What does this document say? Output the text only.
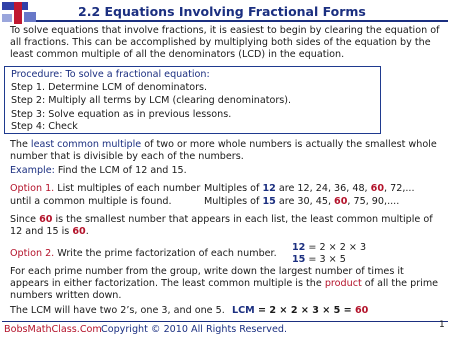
2.2 Equations Involving Fractional Forms
To solve equations that involve fractions, it is easiest to begin by clearing the equation of all fractions. This can be accomplished by multiplying both sides of the equation by the least common multiple of all the denominators (LCD) in the equation.
Procedure: To solve a fractional equation:
Step 1. Determine LCM of denominators.
Step 2: Multiply all terms by LCM (clearing denominators).
Step 3: Solve equation as in previous lessons.
Step 4: Check
The least common multiple of two or more whole numbers is actually the smallest whole number that is divisible by each of the numbers.
Example: Find the LCM of 12 and 15.
Option 1. List multiples of each number
until a common multiple is found.
Multiples of 12 are 12, 24, 36, 48, 60, 72,...
Multiples of 15 are 30, 45, 60, 75, 90,....
Since 60 is the smallest number that appears in each list, the least common multiple of 12 and 15 is 60.
Option 2. Write the prime factorization of each number.
12 = 2 × 2 × 3
15 = 3 × 5
For each prime number from the group, write down the largest number of times it appears in either factorization. The least common multiple is the product of all the prime numbers written down.
The LCM will have two 2’s, one 3, and one 5. LCM = 2 × 2 × 3 × 5 = 60
BobsMathClass.Com Copyright © 2010 All Rights Reserved.	1
